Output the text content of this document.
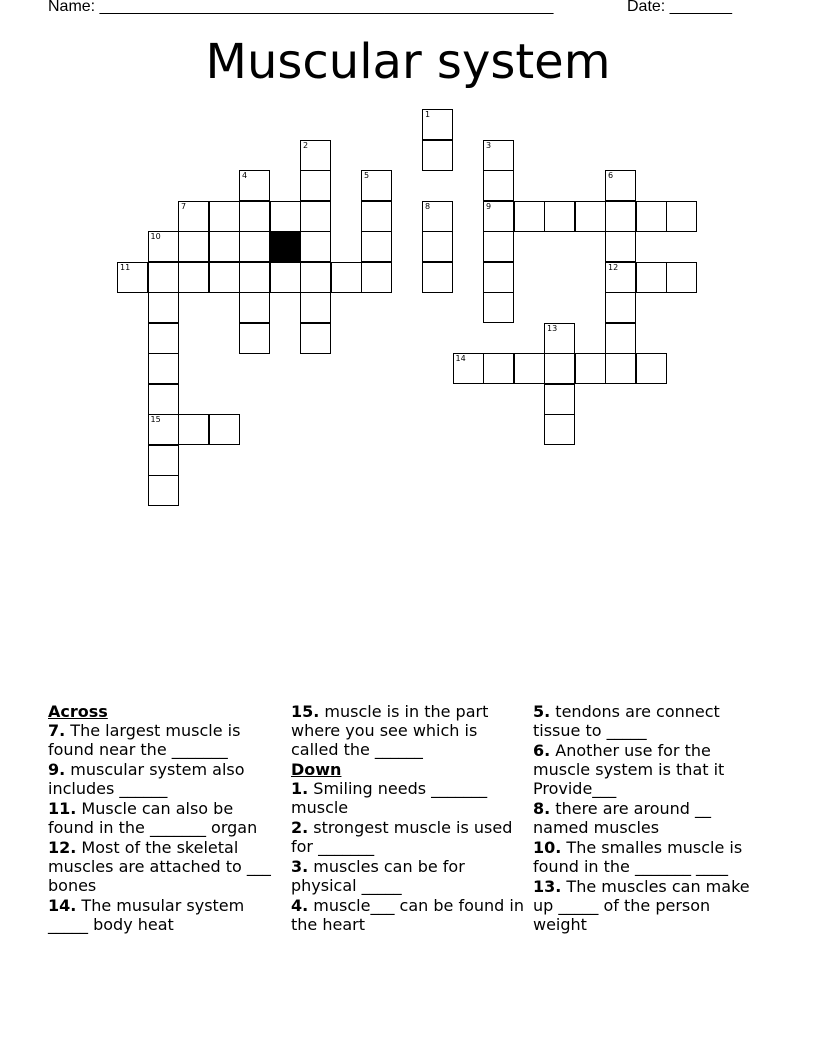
Name: ___________________________________________________	Date: _______
Muscular system
1
2	3
4	5	6
7	8	9
10
11	12
13
14
15
Across
7. The largest muscle is found near the _______
9. muscular system also includes ______
11. Muscle can also be found in the _______ organ
12. Most of the skeletal muscles are attached to ___ bones
14. The musular system _____ body heat
15. muscle is in the part where you see which is called the ______
Down
1. Smiling needs _______ muscle
2. strongest muscle is used for _______
3. muscles can be for physical _____
4. muscle___ can be found in the heart
5. tendons are connect tissue to _____
6. Another use for the muscle system is that it Provide___
8. there are around __ named muscles
10. The smalles muscle is found in the _______ ____
13. The muscles can make up _____ of the person weight
